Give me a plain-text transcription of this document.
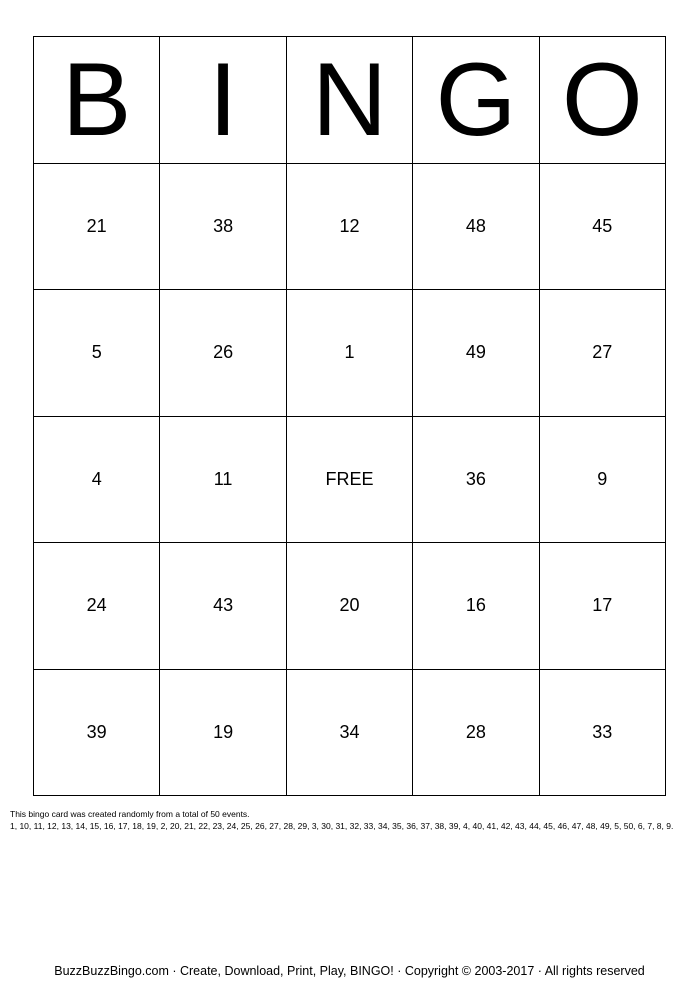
B I N G O
21	38	12	48	45
5	26	1	49	27
4	11	FREE	36	9
24	43	20	16	17
39	19	34	28	33

This bingo card was created randomly from a total of 50 events.

1, 10, 11, 12, 13, 14, 15, 16, 17, 18, 19, 2, 20, 21, 22, 23, 24, 25, 26, 27, 28, 29, 3, 30, 31, 32, 33, 34, 35, 36, 37, 38, 39, 4, 40, 41, 42, 43, 44, 45, 46, 47, 48, 49, 5, 50, 6, 7, 8, 9.

BuzzBuzzBingo.com · Create, Download, Print, Play, BINGO! · Copyright © 2003-2017 · All rights reserved
